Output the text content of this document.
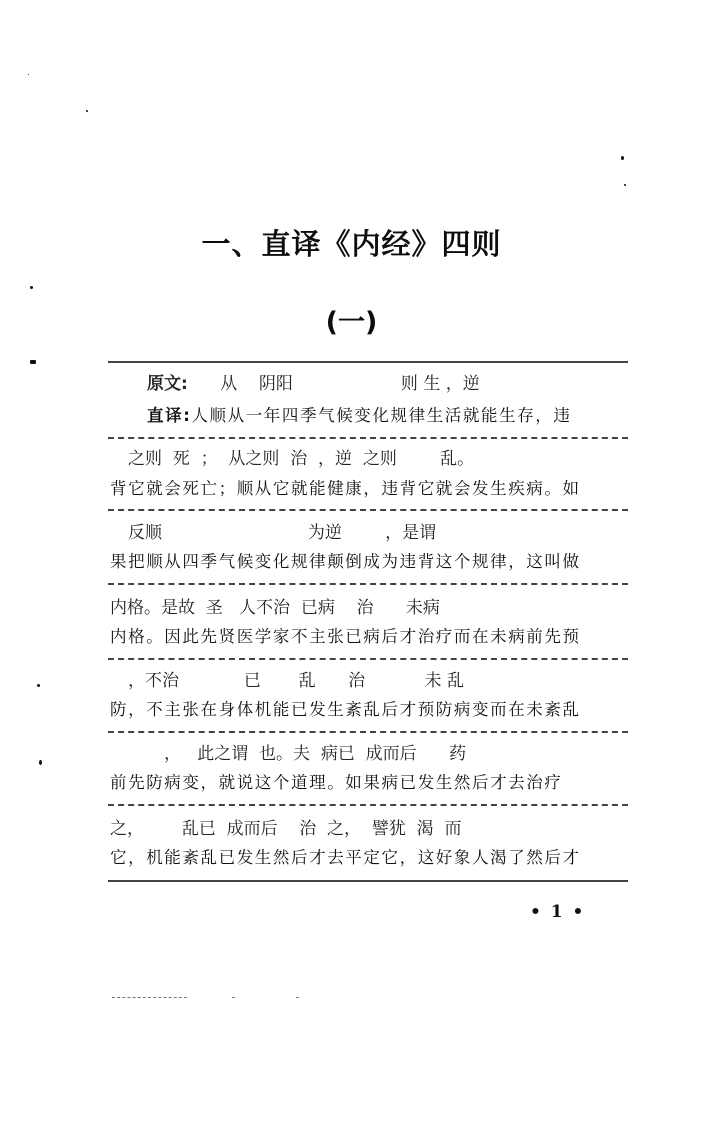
一、直译《内经》四则
(一)
原文:      从    阴阳                    则 生 ，逆
直译:人顺从一年四季气候变化规律生活就能生存，违
之则  死  ；  从之则  治  ，逆  之则        乱。
背它就会死亡；顺从它就能健康，违背它就会发生疾病。如
反顺                           为逆        ，是谓
果把顺从四季气候变化规律颠倒成为违背这个规律，这叫做
内格。是故  圣   人不治  已病    治      未病
内格。因此先贤医学家不主张已病后才治疗而在未病前先预
，不治            已       乱      治           未 乱
防，不主张在身体机能已发生紊乱后才预防病变而在未紊乱
，   此之谓  也。夫  病已  成而后      药
前先防病变，就说这个道理。如果病已发生然后才去治疗
之，       乱已  成而后    治  之，  譬犹  渴  而
它，机能紊乱已发生然后才去平定它，这好象人渴了然后才
• 1 •
